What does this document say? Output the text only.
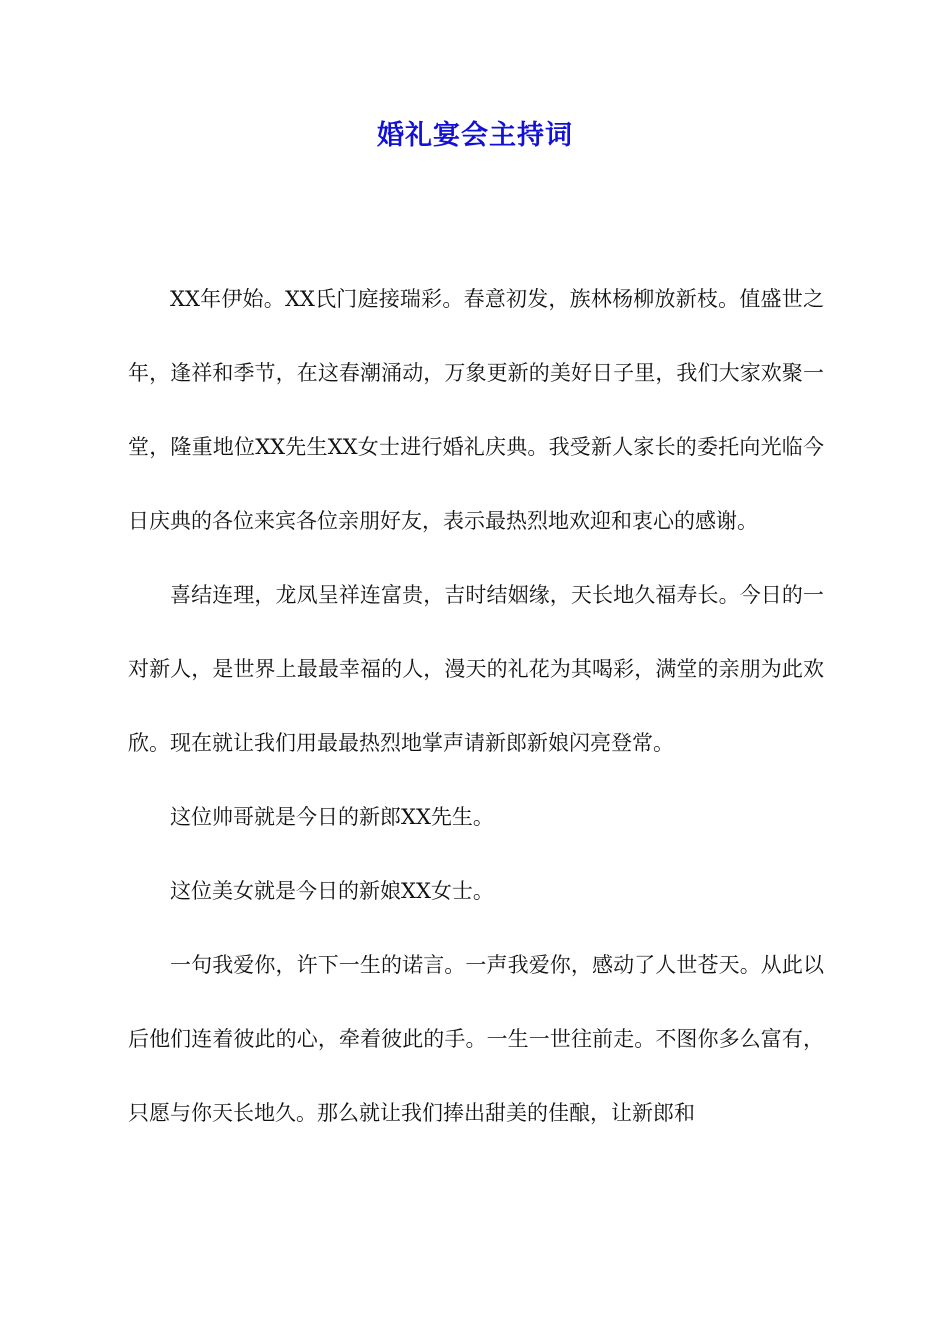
婚礼宴会主持词

XX年伊始。XX氏门庭接瑞彩。春意初发，族林杨柳放新枝。值盛世之年，逢祥和季节，在这春潮涌动，万象更新的美好日子里，我们大家欢聚一堂，隆重地位XX先生XX女士进行婚礼庆典。我受新人家长的委托向光临今日庆典的各位来宾各位亲朋好友，表示最热烈地欢迎和衷心的感谢。

喜结连理，龙凤呈祥连富贵，吉时结姻缘，天长地久福寿长。今日的一对新人，是世界上最最幸福的人，漫天的礼花为其喝彩，满堂的亲朋为此欢欣。现在就让我们用最最热烈地掌声请新郎新娘闪亮登常。

这位帅哥就是今日的新郎XX先生。

这位美女就是今日的新娘XX女士。

一句我爱你，许下一生的诺言。一声我爱你，感动了人世苍天。从此以后他们连着彼此的心，牵着彼此的手。一生一世往前走。不图你多么富有，只愿与你天长地久。那么就让我们捧出甜美的佳酿，让新郎和
